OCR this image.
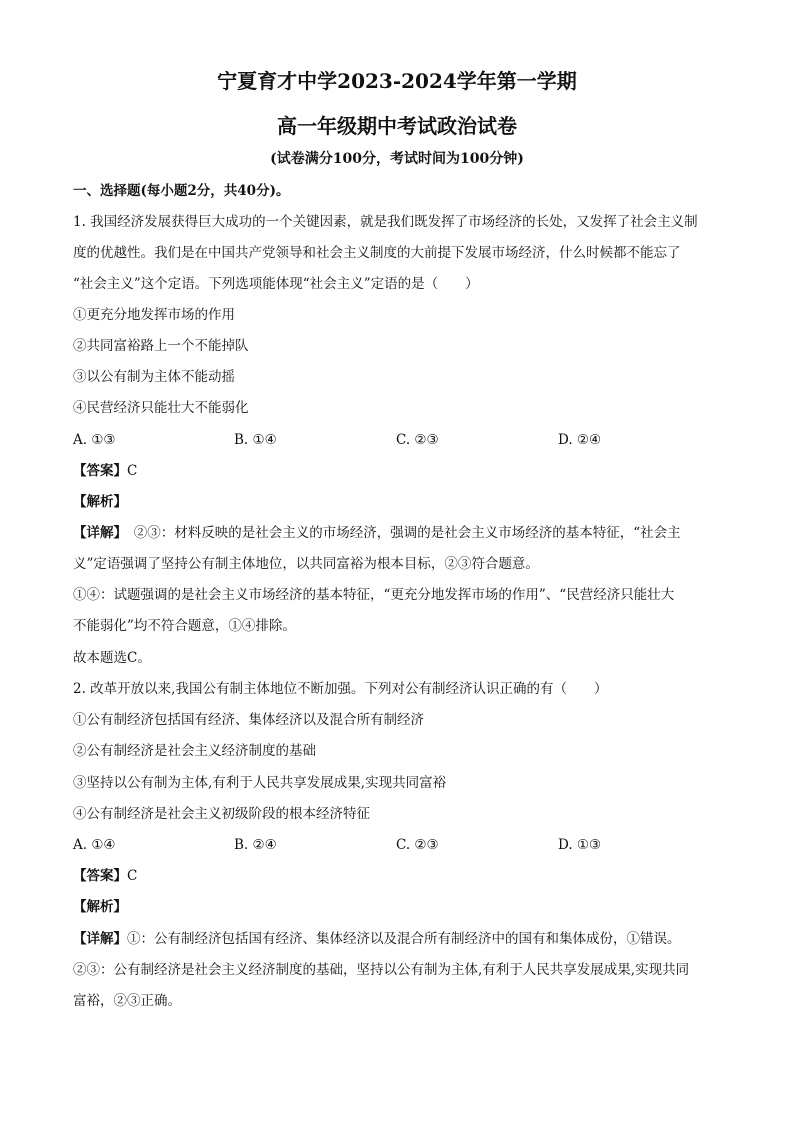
宁夏育才中学2023-2024学年第一学期
高一年级期中考试政治试卷
(试卷满分100分，考试时间为100分钟)
一、选择题(每小题2分，共40分)。
1. 我国经济发展获得巨大成功的一个关键因素，就是我们既发挥了市场经济的长处，又发挥了社会主义制
度的优越性。我们是在中国共产党领导和社会主义制度的大前提下发展市场经济，什么时候都不能忘了
“社会主义”这个定语。下列选项能体现“社会主义”定语的是（　　）
①更充分地发挥市场的作用
②共同富裕路上一个不能掉队
③以公有制为主体不能动摇
④民营经济只能壮大不能弱化
A. ①③	B. ①④	C. ②③	D. ②④
【答案】C
【解析】
【详解】　②③：材料反映的是社会主义的市场经济，强调的是社会主义市场经济的基本特征，“社会主
义”定语强调了坚持公有制主体地位，以共同富裕为根本目标，②③符合题意。
①④：试题强调的是社会主义市场经济的基本特征，“更充分地发挥市场的作用”、“民营经济只能壮大
不能弱化”均不符合题意，①④排除。
故本题选C。
2. 改革开放以来,我国公有制主体地位不断加强。下列对公有制经济认识正确的有（　　）
①公有制经济包括国有经济、集体经济以及混合所有制经济
②公有制经济是社会主义经济制度的基础
③坚持以公有制为主体,有利于人民共享发展成果,实现共同富裕
④公有制经济是社会主义初级阶段的根本经济特征
A. ①④	B. ②④	C. ②③	D. ①③
【答案】C
【解析】
【详解】①：公有制经济包括国有经济、集体经济以及混合所有制经济中的国有和集体成份，①错误。
②③：公有制经济是社会主义经济制度的基础，坚持以公有制为主体,有利于人民共享发展成果,实现共同
富裕，②③正确。
